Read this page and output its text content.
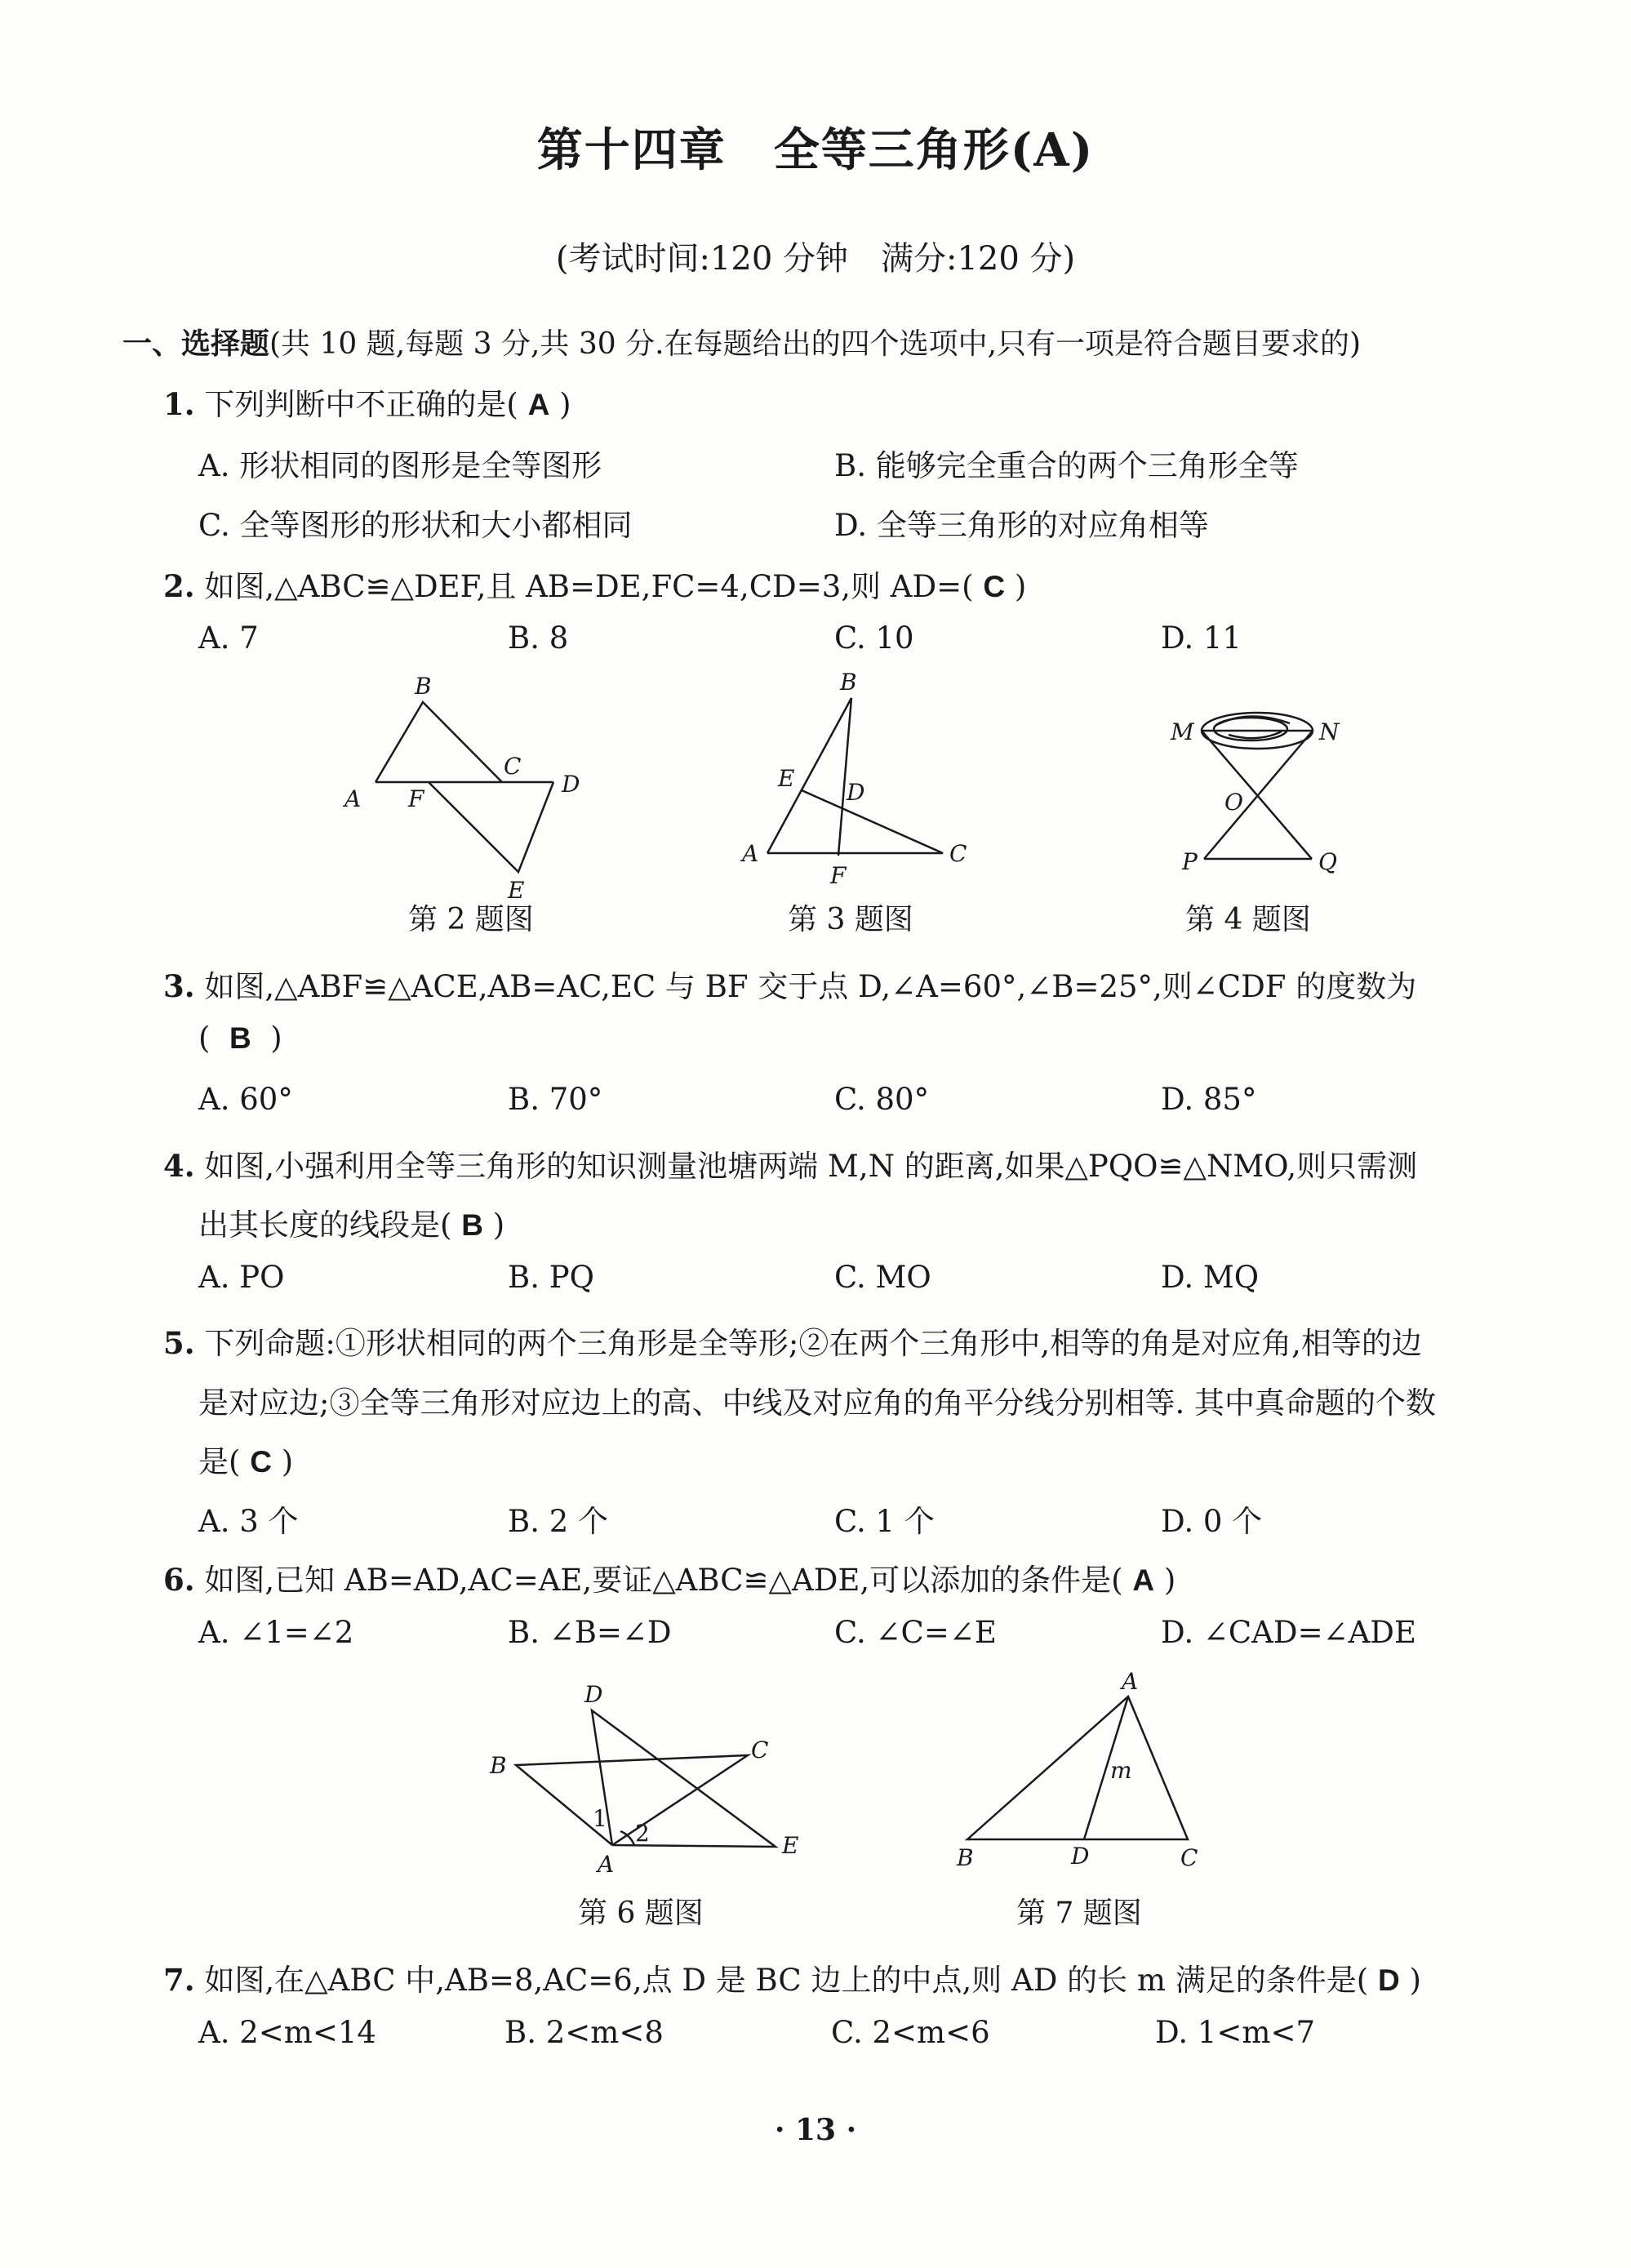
第十四章　全等三角形(A)
(考试时间:120 分钟　满分:120 分)
一、选择题(共 10 题,每题 3 分,共 30 分.在每题给出的四个选项中,只有一项是符合题目要求的)
1. 下列判断中不正确的是( A )
A. 形状相同的图形是全等图形	B. 能够完全重合的两个三角形全等
C. 全等图形的形状和大小都相同	D. 全等三角形的对应角相等
2. 如图,△ABC≌△DEF,且 AB=DE,FC=4,CD=3,则 AD=( C )
A. 7	B. 8	C. 10	D. 11
B
C
D
A F
E
B
E
D
A
F
C
M	N
O
P	Q
第 2 题图	第 3 题图	第 4 题图
3. 如图,△ABF≌△ACE,AB=AC,EC 与 BF 交于点 D,∠A=60°,∠B=25°,则∠CDF 的度数为
( B )
A. 60°	B. 70°	C. 80°	D. 85°
4. 如图,小强利用全等三角形的知识测量池塘两端 M,N 的距离,如果△PQO≌△NMO,则只需测
出其长度的线段是( B )
A. PO	B. PQ	C. MO	D. MQ
5. 下列命题:①形状相同的两个三角形是全等形;②在两个三角形中,相等的角是对应角,相等的边
是对应边;③全等三角形对应边上的高、中线及对应角的角平分线分别相等. 其中真命题的个数
是( C )
A. 3 个	B. 2 个	C. 1 个	D. 0 个
6. 如图,已知 AB=AD,AC=AE,要证△ABC≌△ADE,可以添加的条件是( A )
A. ∠1=∠2	B. ∠B=∠D	C. ∠C=∠E	D. ∠CAD=∠ADE
D
B
C
1
2
A
E
A
m
B	D	C
第 6 题图	第 7 题图
7. 如图,在△ABC 中,AB=8,AC=6,点 D 是 BC 边上的中点,则 AD 的长 m 满足的条件是( D )
A. 2<m<14	B. 2<m<8	C. 2<m<6	D. 1<m<7
· 13 ·
